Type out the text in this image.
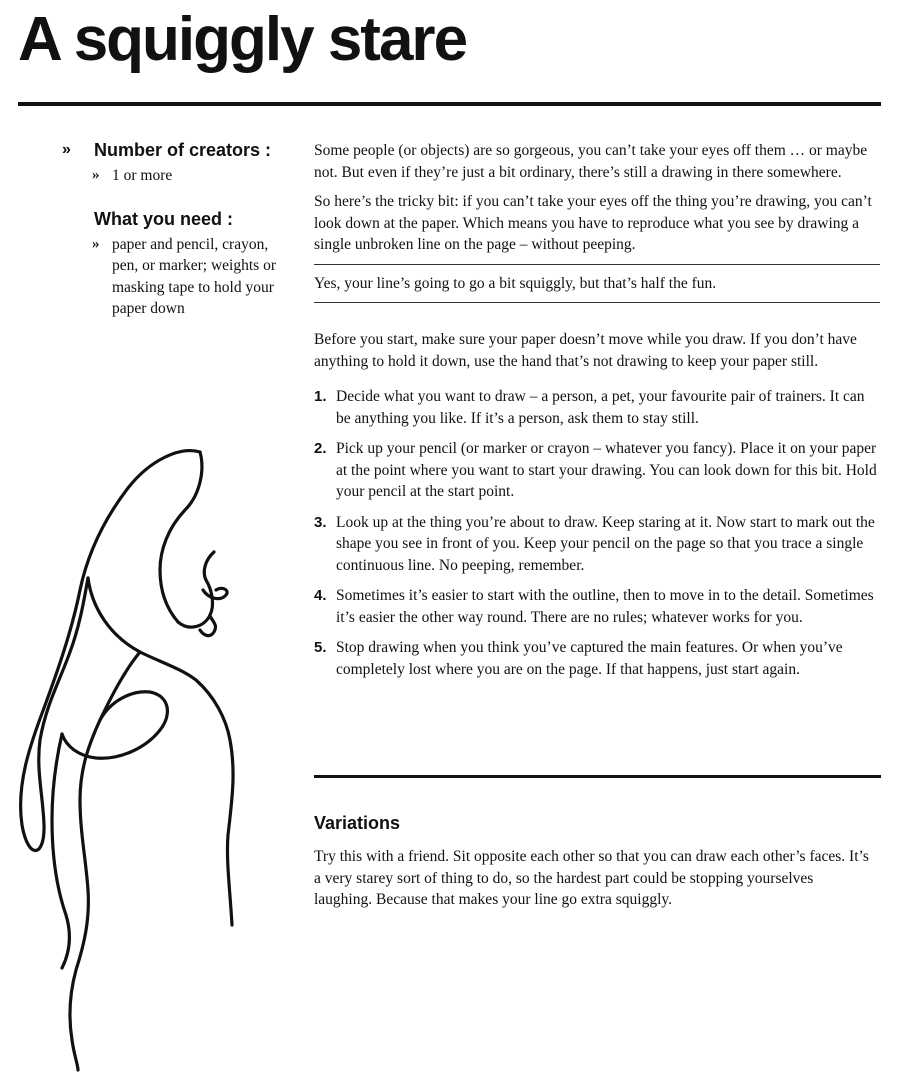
A squiggly stare
» Number of creators :
» 1 or more
What you need :
» paper and pencil, crayon, pen, or marker; weights or masking tape to hold your paper down

Some people (or objects) are so gorgeous, you can’t take your eyes off them … or maybe not. But even if they’re just a bit ordinary, there’s still a drawing in there somewhere.

So here’s the tricky bit: if you can’t take your eyes off the thing you’re drawing, you can’t look down at the paper. Which means you have to reproduce what you see by drawing a single unbroken line on the page – without peeping.

Yes, your line’s going to go a bit squiggly, but that’s half the fun.

Before you start, make sure your paper doesn’t move while you draw. If you don’t have anything to hold it down, use the hand that’s not drawing to keep your paper still.

1. Decide what you want to draw – a person, a pet, your favourite pair of trainers. It can be anything you like. If it’s a person, ask them to stay still.

2. Pick up your pencil (or marker or crayon – whatever you fancy). Place it on your paper at the point where you want to start your drawing. You can look down for this bit. Hold your pencil at the start point.

3. Look up at the thing you’re about to draw. Keep staring at it. Now start to mark out the shape you see in front of you. Keep your pencil on the page so that you trace a single continuous line. No peeping, remember.

4. Sometimes it’s easier to start with the outline, then to move in to the detail. Sometimes it’s easier the other way round. There are no rules; whatever works for you.

5. Stop drawing when you think you’ve captured the main features. Or when you’ve completely lost where you are on the page. If that happens, just start again.

Variations

Try this with a friend. Sit opposite each other so that you can draw each other’s faces. It’s a very starey sort of thing to do, so the hardest part could be stopping yourselves laughing. Because that makes your line go extra squiggly.
